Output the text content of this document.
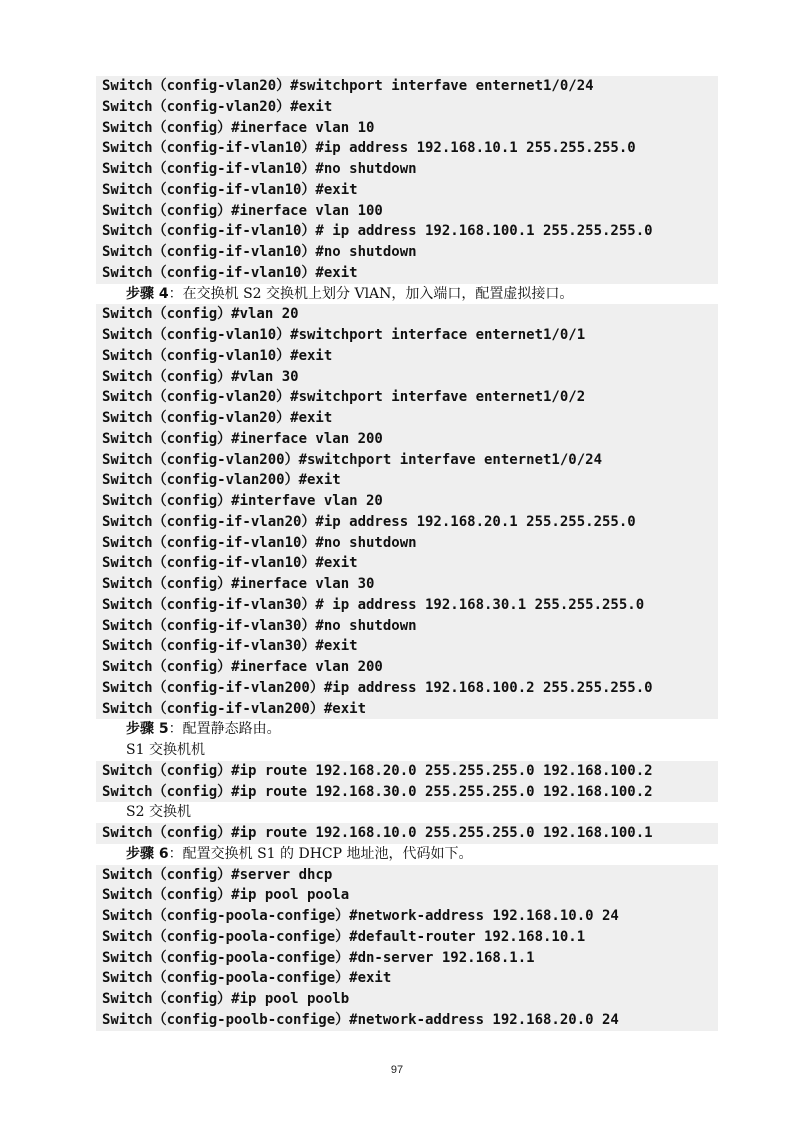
Switch（config-vlan20）#switchport interfave enternet1/0/24
Switch（config-vlan20）#exit
Switch（config）#inerface vlan 10
Switch（config-if-vlan10）#ip address 192.168.10.1 255.255.255.0
Switch（config-if-vlan10）#no shutdown
Switch（config-if-vlan10）#exit
Switch（config）#inerface vlan 100
Switch（config-if-vlan10）# ip address 192.168.100.1 255.255.255.0
Switch（config-if-vlan10）#no shutdown
Switch（config-if-vlan10）#exit
步骤 4：在交换机 S2 交换机上划分 VlAN，加入端口，配置虚拟接口。
Switch（config）#vlan 20
Switch（config-vlan10）#switchport interface enternet1/0/1
Switch（config-vlan10）#exit
Switch（config）#vlan 30
Switch（config-vlan20）#switchport interfave enternet1/0/2
Switch（config-vlan20）#exit
Switch（config）#inerface vlan 200
Switch（config-vlan200）#switchport interfave enternet1/0/24
Switch（config-vlan200）#exit
Switch（config）#interfave vlan 20
Switch（config-if-vlan20）#ip address 192.168.20.1 255.255.255.0
Switch（config-if-vlan10）#no shutdown
Switch（config-if-vlan10）#exit
Switch（config）#inerface vlan 30
Switch（config-if-vlan30）# ip address 192.168.30.1 255.255.255.0
Switch（config-if-vlan30）#no shutdown
Switch（config-if-vlan30）#exit
Switch（config）#inerface vlan 200
Switch（config-if-vlan200）#ip address 192.168.100.2 255.255.255.0
Switch（config-if-vlan200）#exit
步骤 5：配置静态路由。
S1 交换机机
Switch（config）#ip route 192.168.20.0 255.255.255.0 192.168.100.2
Switch（config）#ip route 192.168.30.0 255.255.255.0 192.168.100.2
S2 交换机
Switch（config）#ip route 192.168.10.0 255.255.255.0 192.168.100.1
步骤 6：配置交换机 S1 的 DHCP 地址池，代码如下。
Switch（config）#server dhcp
Switch（config）#ip pool poola
Switch（config-poola-confige）#network-address 192.168.10.0 24
Switch（config-poola-confige）#default-router 192.168.10.1
Switch（config-poola-confige）#dn-server 192.168.1.1
Switch（config-poola-confige）#exit
Switch（config）#ip pool poolb
Switch（config-poolb-confige）#network-address 192.168.20.0 24
97
